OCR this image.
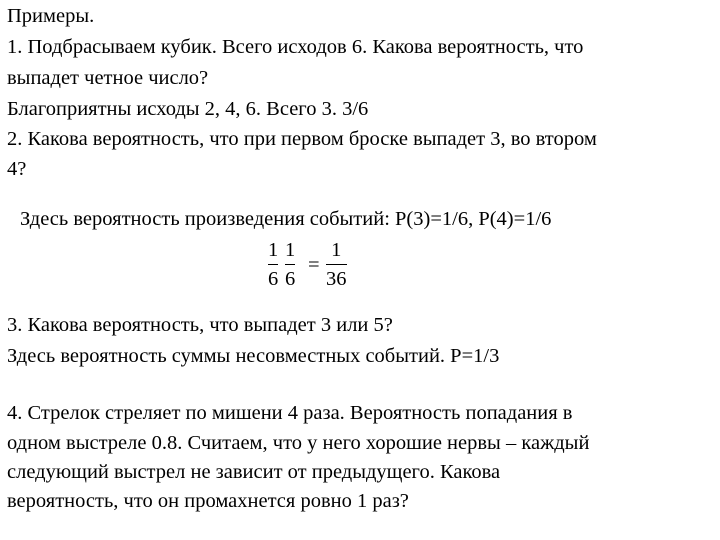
Примеры.
1. Подбрасываем кубик. Всего исходов 6. Какова вероятность, что
выпадет четное число?
Благоприятны исходы 2, 4, 6. Всего 3. 3/6
2. Какова вероятность, что при первом броске выпадет 3, во втором
4?
Здесь вероятность произведения событий: P(3)=1/6, P(4)=1/6
1
6
1
6
=
1
36
3. Какова вероятность, что выпадет 3 или 5?
Здесь вероятность суммы несовместных событий. P=1/3
4. Стрелок стреляет по мишени 4 раза. Вероятность попадания в
одном выстреле 0.8. Считаем, что у него хорошие нервы – каждый
следующий выстрел не зависит от предыдущего. Какова
вероятность, что он промахнется ровно 1 раз?
